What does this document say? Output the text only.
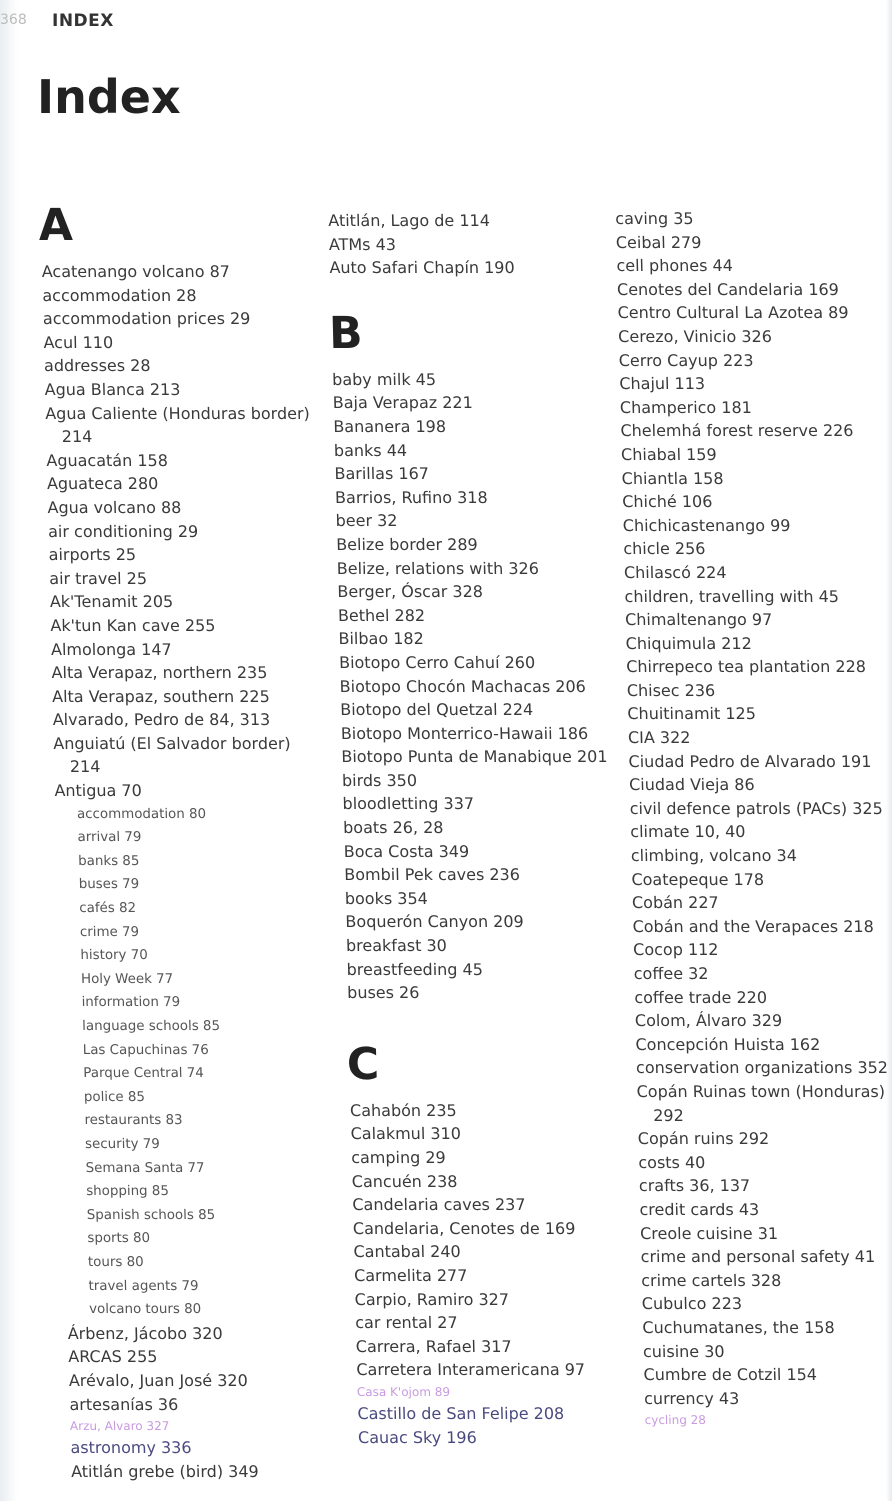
368 INDEX
Index
A
Acatenango volcano 87
accommodation 28
accommodation prices 29
Acul 110
addresses 28
Agua Blanca 213
Agua Caliente (Honduras border) 214
Aguacatán 158
Aguateca 280
Agua volcano 88
air conditioning 29
airports 25
air travel 25
Ak'Tenamit 205
Ak'tun Kan cave 255
Almolonga 147
Alta Verapaz, northern 235
Alta Verapaz, southern 225
Alvarado, Pedro de 84, 313
Anguiatú (El Salvador border) 214
Antigua 70
accommodation 80
arrival 79
banks 85
buses 79
cafés 82
crime 79
history 70
Holy Week 77
information 79
language schools 85
Las Capuchinas 76
Parque Central 74
police 85
restaurants 83
security 79
Semana Santa 77
shopping 85
Spanish schools 85
sports 80
tours 80
travel agents 79
volcano tours 80
Árbenz, Jácobo 320
ARCAS 255
Arévalo, Juan José 320
artesanías 36
Arzu, Alvaro 327
astronomy 336
Atitlán grebe (bird) 349
Atitlán, Lago de 114
ATMs 43
Auto Safari Chapín 190
B
baby milk 45
Baja Verapaz 221
Bananera 198
banks 44
Barillas 167
Barrios, Rufino 318
beer 32
Belize border 289
Belize, relations with 326
Berger, Óscar 328
Bethel 282
Bilbao 182
Biotopo Cerro Cahuí 260
Biotopo Chocón Machacas 206
Biotopo del Quetzal 224
Biotopo Monterrico-Hawaii 186
Biotopo Punta de Manabique 201
birds 350
bloodletting 337
boats 26, 28
Boca Costa 349
Bombil Pek caves 236
books 354
Boquerón Canyon 209
breakfast 30
breastfeeding 45
buses 26
C
Cahabón 235
Calakmul 310
camping 29
Cancuén 238
Candelaria caves 237
Candelaria, Cenotes de 169
Cantabal 240
Carmelita 277
Carpio, Ramiro 327
car rental 27
Carrera, Rafael 317
Carretera Interamericana 97
Casa K'ojom 89
Castillo de San Felipe 208
Cauac Sky 196
caving 35
Ceibal 279
cell phones 44
Cenotes del Candelaria 169
Centro Cultural La Azotea 89
Cerezo, Vinicio 326
Cerro Cayup 223
Chajul 113
Champerico 181
Chelemhá forest reserve 226
Chiabal 159
Chiantla 158
Chiché 106
Chichicastenango 99
chicle 256
Chilascó 224
children, travelling with 45
Chimaltenango 97
Chiquimula 212
Chirrepeco tea plantation 228
Chisec 236
Chuitinamit 125
CIA 322
Ciudad Pedro de Alvarado 191
Ciudad Vieja 86
civil defence patrols (PACs) 325
climate 10, 40
climbing, volcano 34
Coatepeque 178
Cobán 227
Cobán and the Verapaces 218
Cocop 112
coffee 32
coffee trade 220
Colom, Álvaro 329
Concepción Huista 162
conservation organizations 352
Copán Ruinas town (Honduras) 292
Copán ruins 292
costs 40
crafts 36, 137
credit cards 43
Creole cuisine 31
crime and personal safety 41
crime cartels 328
Cubulco 223
Cuchumatanes, the 158
cuisine 30
Cumbre de Cotzil 154
currency 43
cycling 28
